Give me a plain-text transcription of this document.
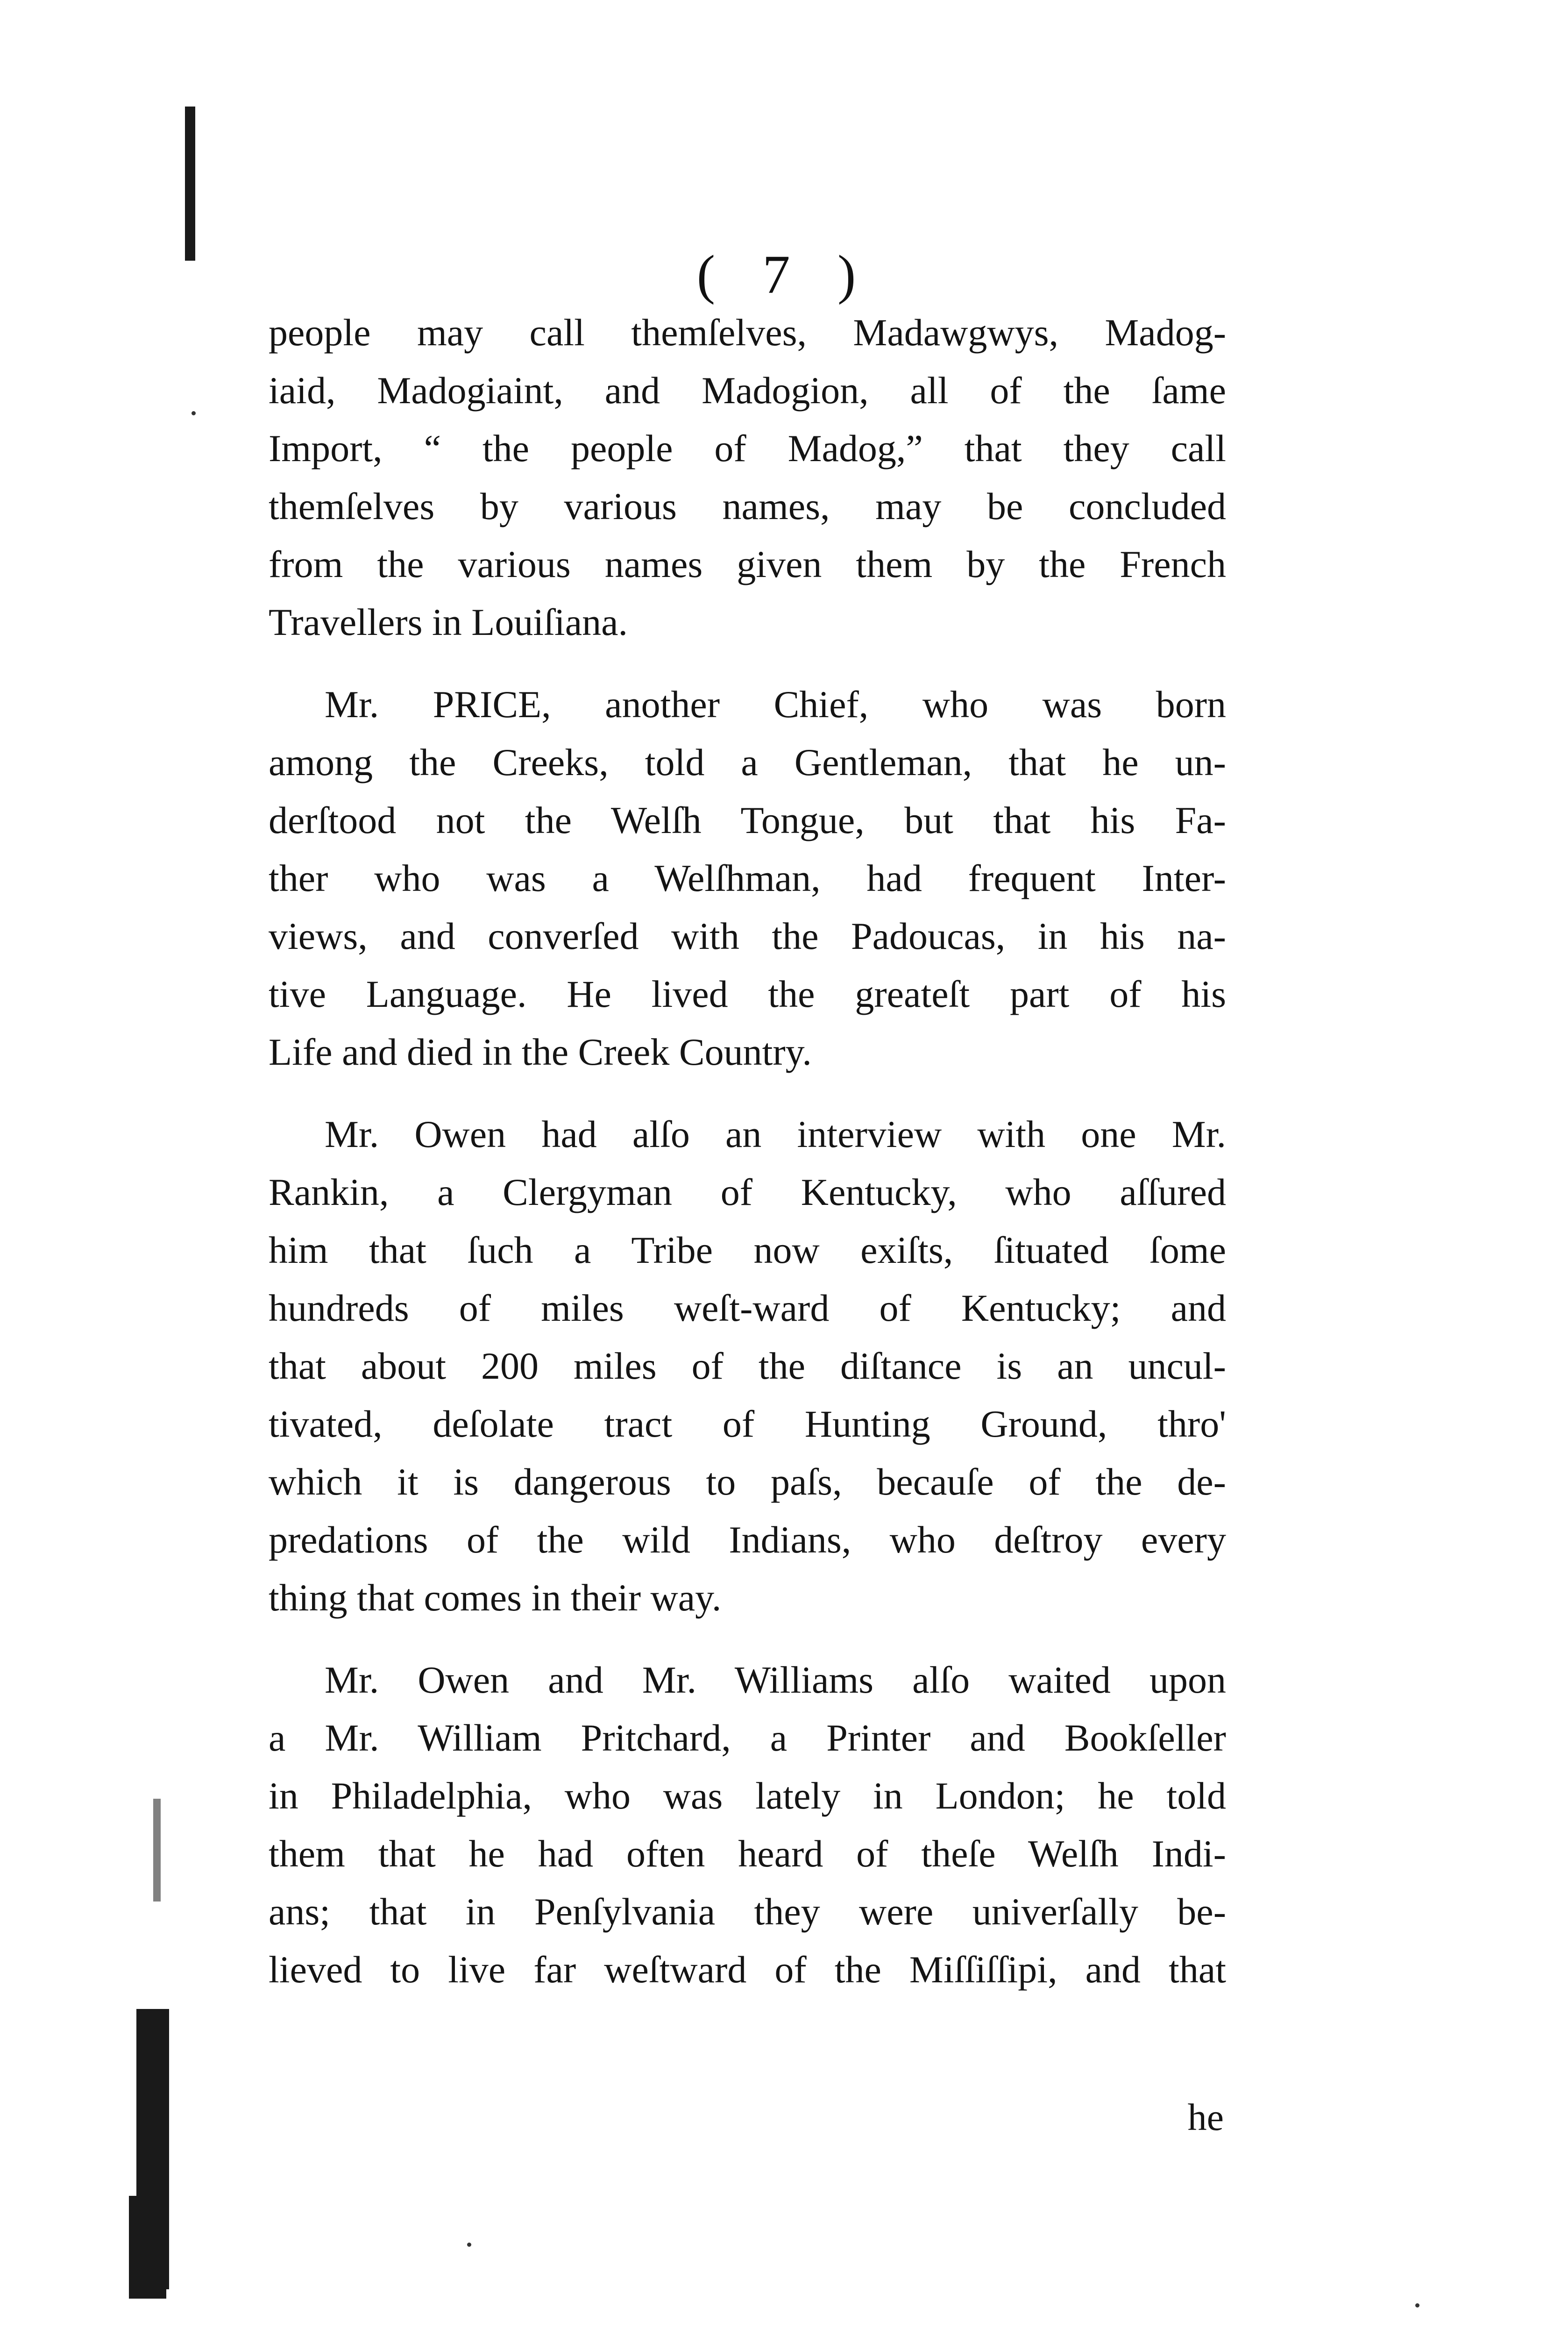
( 7 )

people may call themſelves, Madawgwys, Madog-
iaid, Madogiaint, and Madogion, all of the ſame
Import, “ the people of Madog,” that they call
themſelves by various names, may be concluded
from the various names given them by the French
Travellers in Louiſiana.

Mr. PRICE, another Chief, who was born
among the Creeks, told a Gentleman, that he un-
derſtood not the Welſh Tongue, but that his Fa-
ther who was a Welſhman, had frequent Inter-
views, and converſed with the Padoucas, in his na-
tive Language. He lived the greateſt part of his
Life and died in the Creek Country.

Mr. Owen had alſo an interview with one Mr.
Rankin, a Clergyman of Kentucky, who aſſured
him that ſuch a Tribe now exiſts, ſituated ſome
hundreds of miles weſt-ward of Kentucky; and
that about 200 miles of the diſtance is an uncul-
tivated, deſolate tract of Hunting Ground, thro'
which it is dangerous to paſs, becauſe of the de-
predations of the wild Indians, who deſtroy every
thing that comes in their way.

Mr. Owen and Mr. Williams alſo waited upon
a Mr. William Pritchard, a Printer and Bookſeller
in Philadelphia, who was lately in London; he told
them that he had often heard of theſe Welſh Indi-
ans; that in Penſylvania they were univerſally be-
lieved to live far weſtward of the Miſſiſſipi, and that

he
